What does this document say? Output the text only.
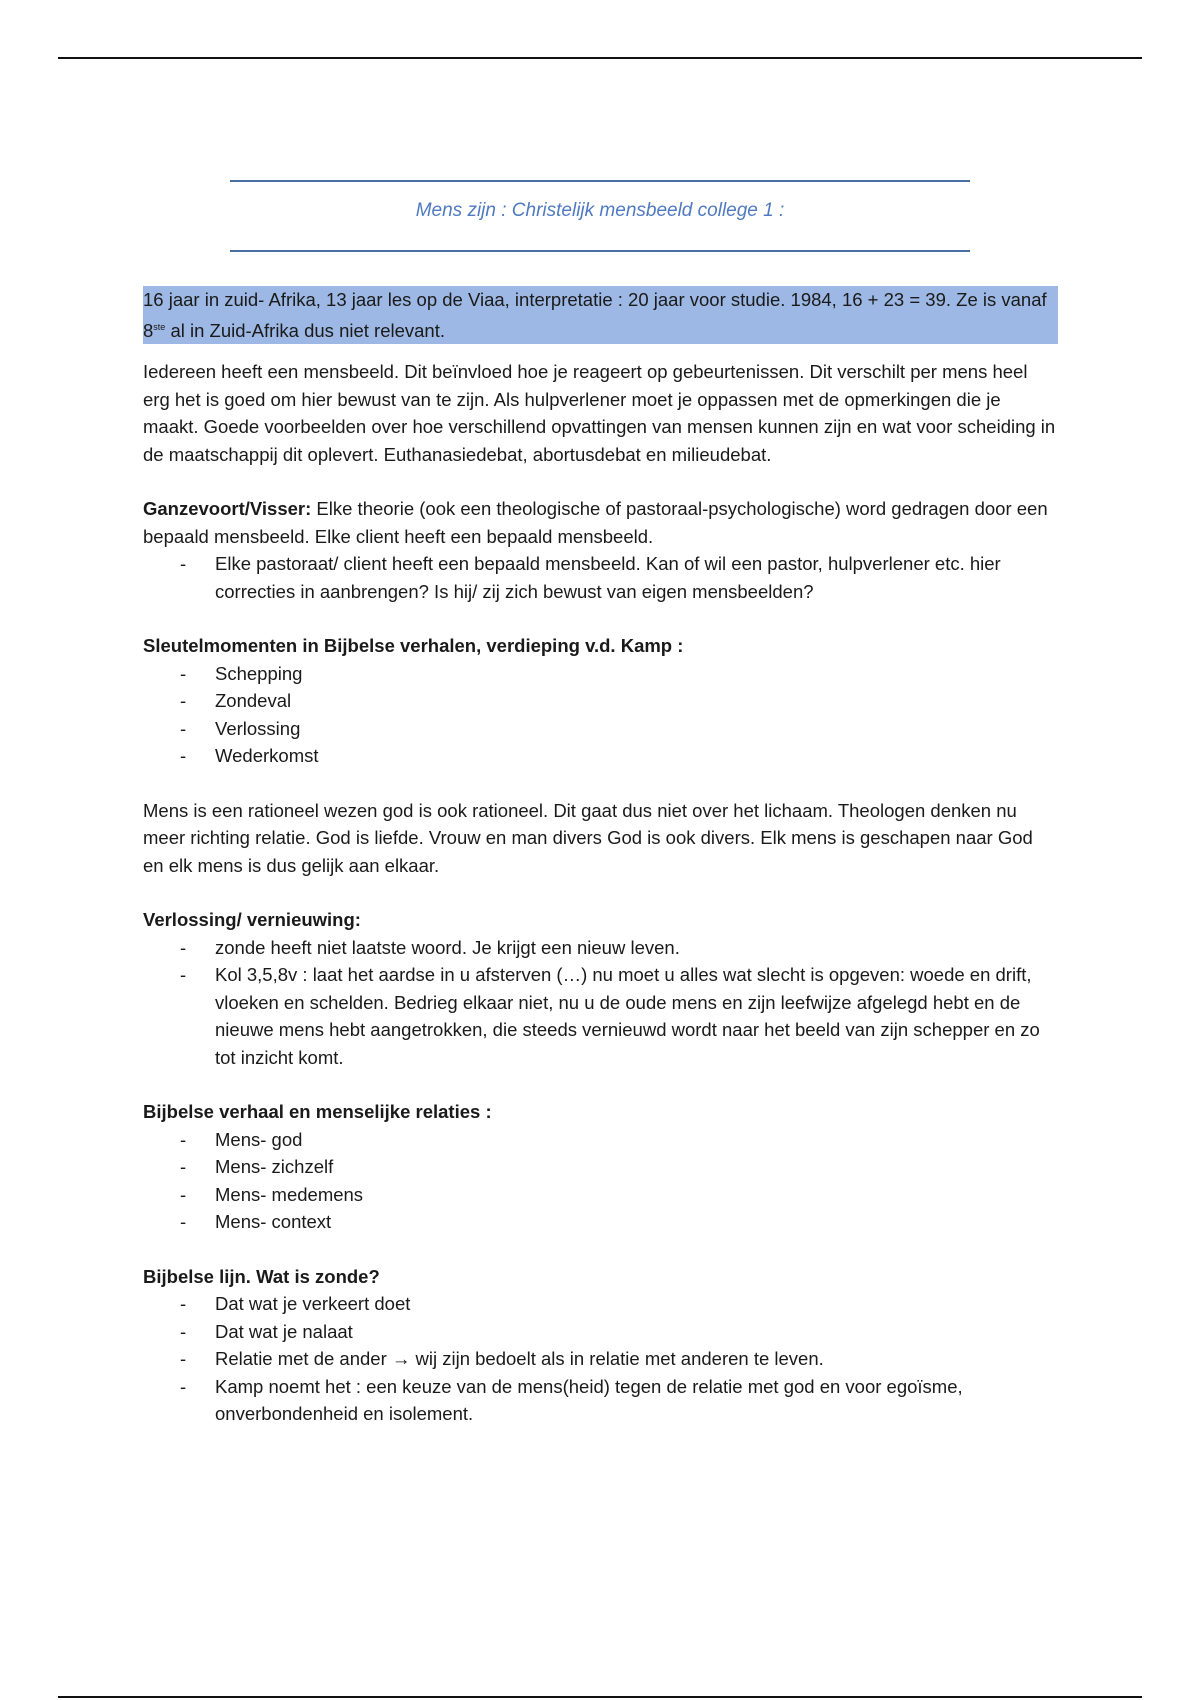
Mens zijn : Christelijk mensbeeld college 1 :

16 jaar in zuid- Afrika, 13 jaar les op de Viaa, interpretatie : 20 jaar voor studie. 1984, 16 + 23 = 39. Ze is vanaf 8ste al in Zuid-Afrika dus niet relevant.

Iedereen heeft een mensbeeld. Dit beïnvloed hoe je reageert op gebeurtenissen. Dit verschilt per mens heel erg het is goed om hier bewust van te zijn. Als hulpverlener moet je oppassen met de opmerkingen die je maakt. Goede voorbeelden over hoe verschillend opvattingen van mensen kunnen zijn en wat voor scheiding in de maatschappij dit oplevert. Euthanasiedebat, abortusdebat en milieudebat.

Ganzevoort/Visser: Elke theorie (ook een theologische of pastoraal-psychologische) word gedragen door een bepaald mensbeeld. Elke client heeft een bepaald mensbeeld.

- Elke pastoraat/ client heeft een bepaald mensbeeld. Kan of wil een pastor, hulpverlener etc. hier correcties in aanbrengen? Is hij/ zij zich bewust van eigen mensbeelden?

Sleutelmomenten in Bijbelse verhalen, verdieping v.d. Kamp :

- Schepping
- Zondeval
- Verlossing
- Wederkomst

Mens is een rationeel wezen god is ook rationeel. Dit gaat dus niet over het lichaam. Theologen denken nu meer richting relatie. God is liefde. Vrouw en man divers God is ook divers. Elk mens is geschapen naar God en elk mens is dus gelijk aan elkaar.

Verlossing/ vernieuwing:

- zonde heeft niet laatste woord. Je krijgt een nieuw leven.
- Kol 3,5,8v : laat het aardse in u afsterven (…) nu moet u alles wat slecht is opgeven: woede en drift, vloeken en schelden. Bedrieg elkaar niet, nu u de oude mens en zijn leefwijze afgelegd hebt en de nieuwe mens hebt aangetrokken, die steeds vernieuwd wordt naar het beeld van zijn schepper en zo tot inzicht komt.

Bijbelse verhaal en menselijke relaties :

- Mens- god
- Mens- zichzelf
- Mens- medemens
- Mens- context

Bijbelse lijn. Wat is zonde?

- Dat wat je verkeert doet
- Dat wat je nalaat
- Relatie met de ander → wij zijn bedoelt als in relatie met anderen te leven.
- Kamp noemt het : een keuze van de mens(heid) tegen de relatie met god en voor egoïsme, onverbondenheid en isolement.
